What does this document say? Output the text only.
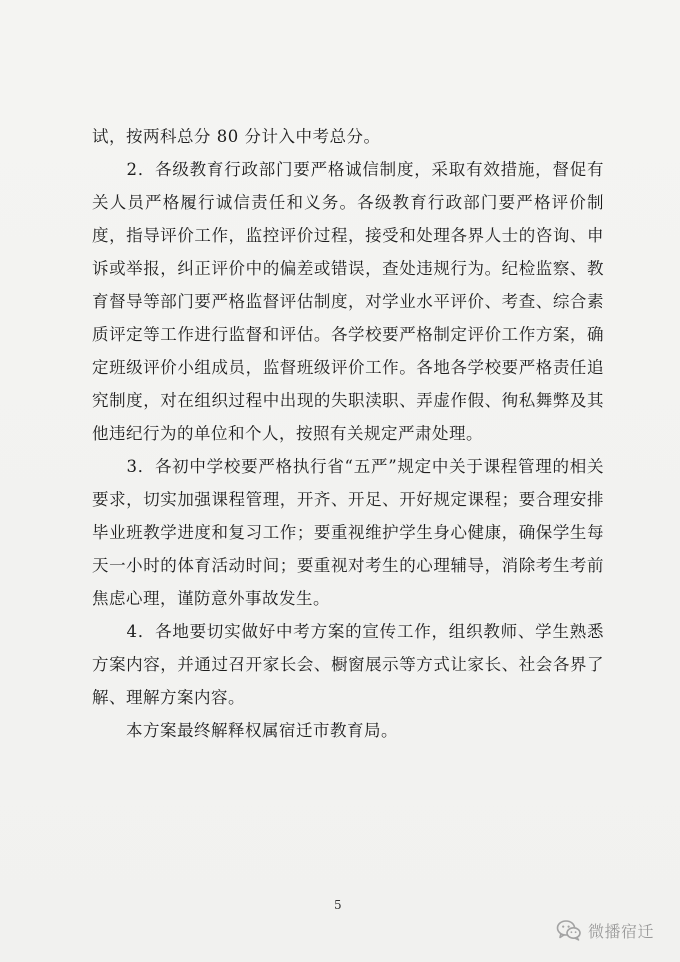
试，按两科总分 80 分计入中考总分。

　　2．各级教育行政部门要严格诚信制度，采取有效措施，督促有关人员严格履行诚信责任和义务。各级教育行政部门要严格评价制度，指导评价工作，监控评价过程，接受和处理各界人士的咨询、申诉或举报，纠正评价中的偏差或错误，查处违规行为。纪检监察、教育督导等部门要严格监督评估制度，对学业水平评价、考查、综合素质评定等工作进行监督和评估。各学校要严格制定评价工作方案，确定班级评价小组成员，监督班级评价工作。各地各学校要严格责任追究制度，对在组织过程中出现的失职渎职、弄虚作假、徇私舞弊及其他违纪行为的单位和个人，按照有关规定严肃处理。

　　3．各初中学校要严格执行省“五严”规定中关于课程管理的相关要求，切实加强课程管理，开齐、开足、开好规定课程；要合理安排毕业班教学进度和复习工作；要重视维护学生身心健康，确保学生每天一小时的体育活动时间；要重视对考生的心理辅导，消除考生考前焦虑心理，谨防意外事故发生。

　　4．各地要切实做好中考方案的宣传工作，组织教师、学生熟悉方案内容，并通过召开家长会、橱窗展示等方式让家长、社会各界了解、理解方案内容。

　　本方案最终解释权属宿迁市教育局。

5
微播宿迁
